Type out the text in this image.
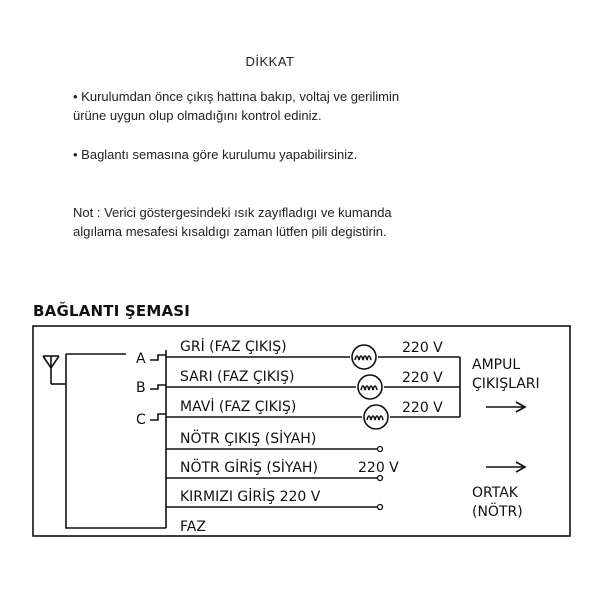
DİKKAT
• Kurulumdan önce çıkış hattına bakıp, voltaj ve gerilimin
ürüne uygun olup olmadığını kontrol ediniz.
• Baglantı semasına göre kurulumu yapabilirsiniz.
Not : Verici göstergesindeki ısık zayıfladıgı ve kumanda
algılama mesafesi kısaldıgı zaman lütfen pili degistirin.
BAĞLANTI ŞEMASI
A
B
C
GRİ (FAZ ÇIKIŞ)	220 V
SARI (FAZ ÇIKIŞ)	220 V
MAVİ (FAZ ÇIKIŞ)	220 V
NÖTR ÇIKIŞ (SİYAH)
NÖTR GİRİŞ (SİYAH)	220 V
KIRMIZI GİRİŞ 220 V
FAZ
AMPUL
ÇIKIŞLARI
ORTAK
(NÖTR)
